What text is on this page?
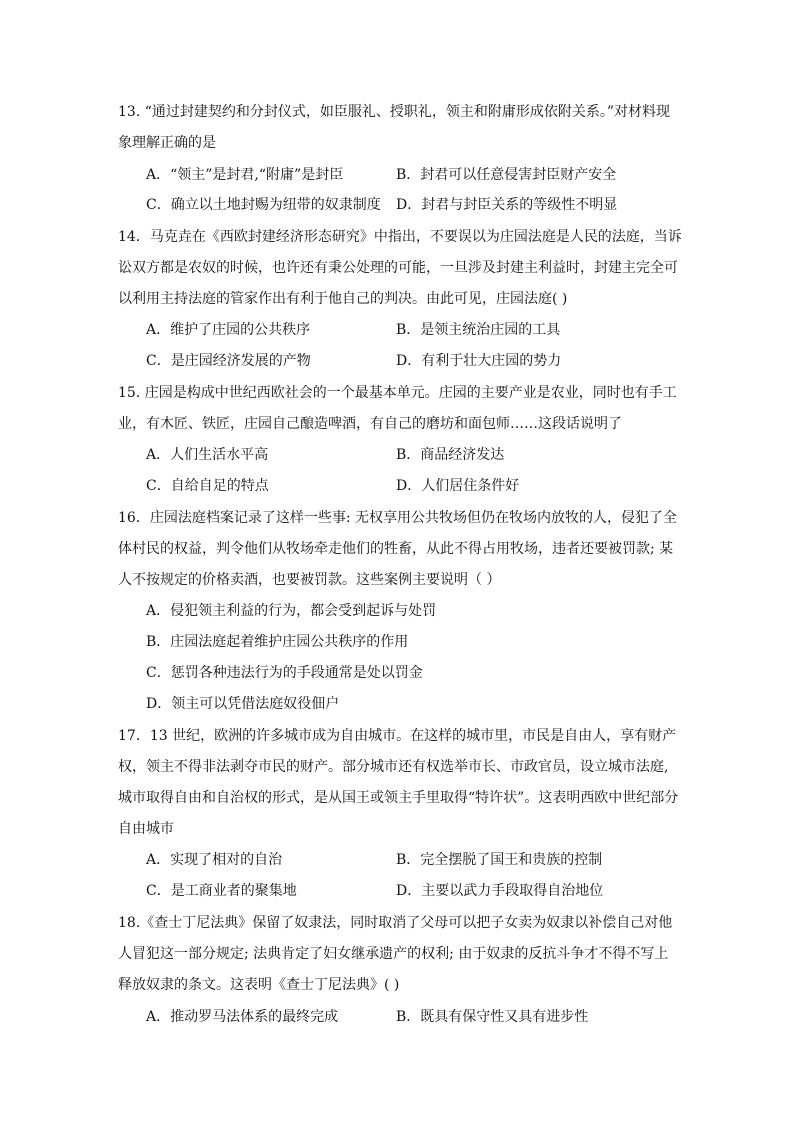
13. “通过封建契约和分封仪式，如臣服礼、授职礼，领主和附庸形成依附关系。”对材料现
象理解正确的是
A．“领主”是封君,“附庸”是封臣	B．封君可以任意侵害封臣财产安全
C．确立以土地封赐为纽带的奴隶制度 D．封君与封臣关系的等级性不明显
14．马克垚在《西欧封建经济形态研究》中指出，不要误以为庄园法庭是人民的法庭，当诉
讼双方都是农奴的时候，也许还有秉公处理的可能，一旦涉及封建主利益时，封建主完全可
以利用主持法庭的管家作出有利于他自己的判决。由此可见，庄园法庭( )
A．维护了庄园的公共秩序	B．是领主统治庄园的工具
C．是庄园经济发展的产物	D．有利于壮大庄园的势力
15. 庄园是构成中世纪西欧社会的一个最基本单元。庄园的主要产业是农业，同时也有手工
业，有木匠、铁匠，庄园自己酿造啤酒，有自己的磨坊和面包师……这段话说明了
A．人们生活水平高	B．商品经济发达
C．自给自足的特点	D．人们居住条件好
16．庄园法庭档案记录了这样一些事: 无权享用公共牧场但仍在牧场内放牧的人，侵犯了全
体村民的权益，判令他们从牧场牵走他们的牲畜，从此不得占用牧场，违者还要被罚款; 某
人不按规定的价格卖酒，也要被罚款。这些案例主要说明（ ）
A．侵犯领主利益的行为，都会受到起诉与处罚
B．庄园法庭起着维护庄园公共秩序的作用
C．惩罚各种违法行为的手段通常是处以罚金
D．领主可以凭借法庭奴役佃户
17．13 世纪，欧洲的许多城市成为自由城市。在这样的城市里，市民是自由人，享有财产
权，领主不得非法剥夺市民的财产。部分城市还有权选举市长、市政官员，设立城市法庭,
城市取得自由和自治权的形式，是从国王或领主手里取得“特许状”。这表明西欧中世纪部分
自由城市
A．实现了相对的自治	B．完全摆脱了国王和贵族的控制
C．是工商业者的聚集地	D．主要以武力手段取得自治地位
18.《查士丁尼法典》保留了奴隶法，同时取消了父母可以把子女卖为奴隶以补偿自己对他
人冒犯这一部分规定; 法典肯定了妇女继承遗产的权利; 由于奴隶的反抗斗争才不得不写上
释放奴隶的条文。这表明《查士丁尼法典》( )
A．推动罗马法体系的最终完成	B．既具有保守性又具有进步性
